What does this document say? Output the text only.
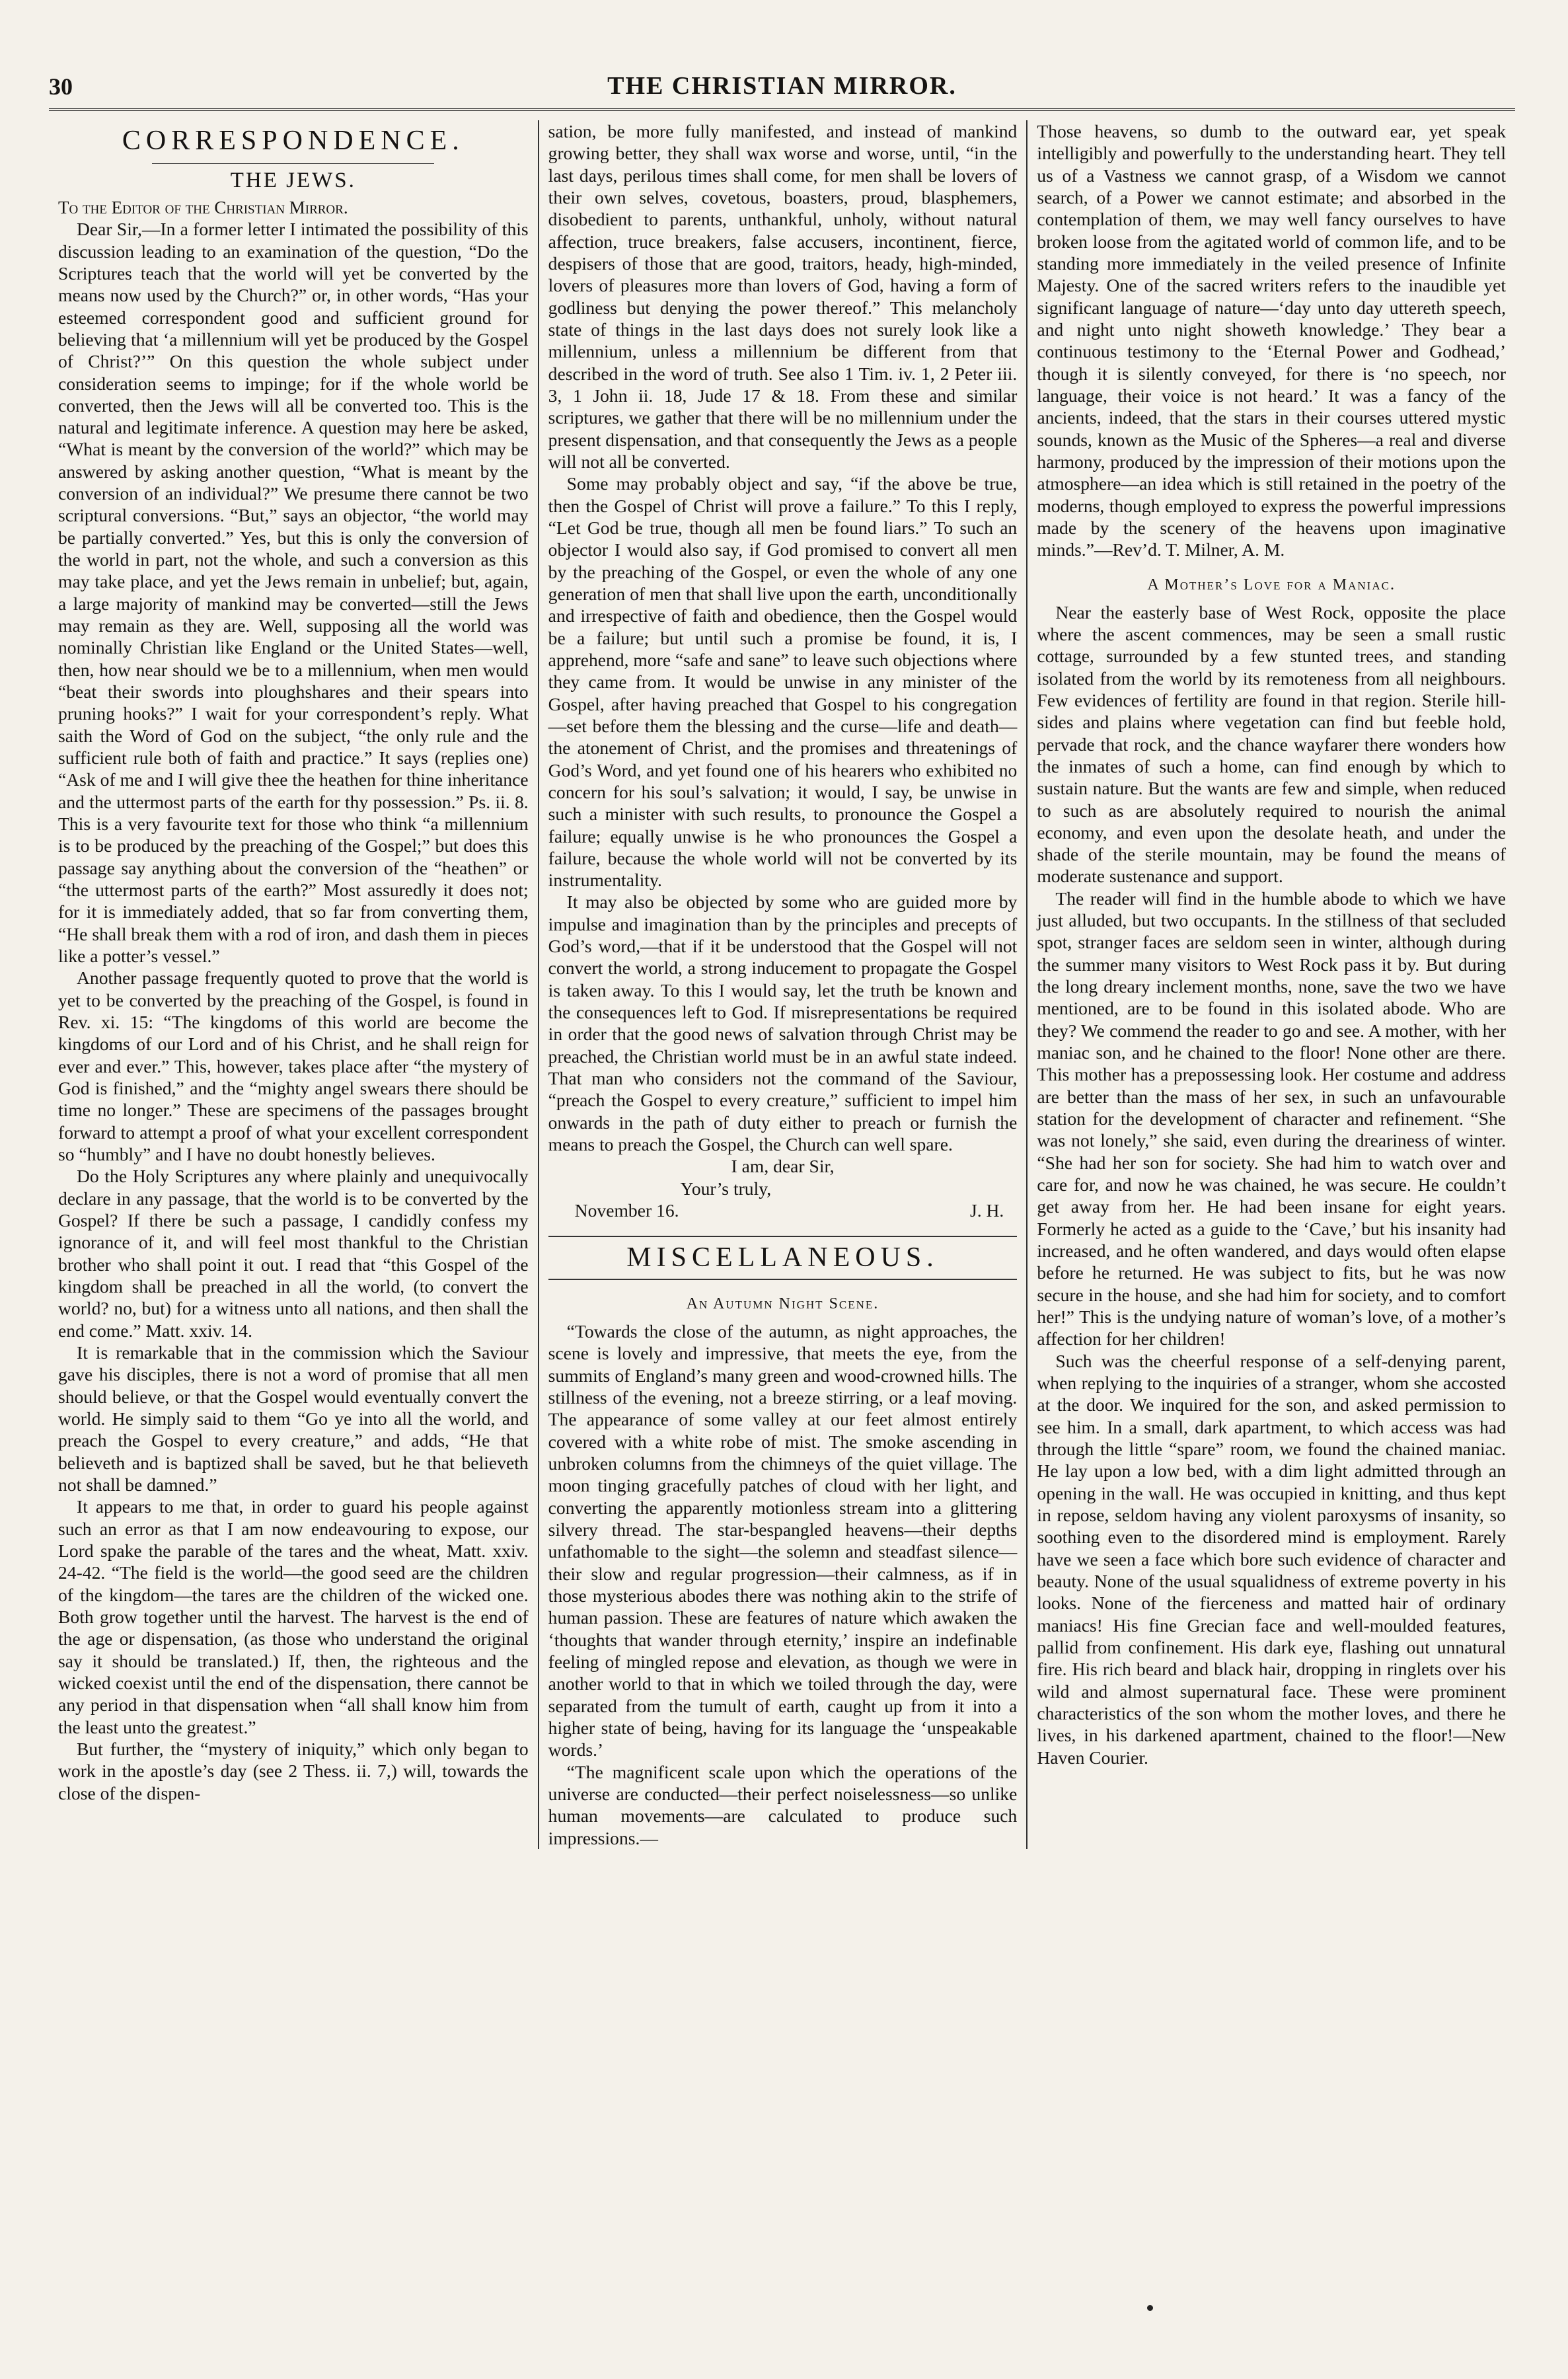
30	THE CHRISTIAN MIRROR.
CORRESPONDENCE.
THE JEWS.

To the Editor of the Christian Mirror.

Dear Sir,—In a former letter I intimated the possibility of this discussion leading to an examination of the question, “Do the Scriptures teach that the world will yet be converted by the means now used by the Church?” or, in other words, “Has your esteemed correspondent good and sufficient ground for believing that ‘a millennium will yet be produced by the Gospel of Christ?’” On this question the whole subject under consideration seems to impinge; for if the whole world be converted, then the Jews will all be converted too. This is the natural and legitimate inference. A question may here be asked, “What is meant by the conversion of the world?” which may be answered by asking another question, “What is meant by the conversion of an individual?” We presume there cannot be two scriptural conversions. “But,” says an objector, “the world may be partially converted.” Yes, but this is only the conversion of the world in part, not the whole, and such a conversion as this may take place, and yet the Jews remain in unbelief; but, again, a large majority of mankind may be converted—still the Jews may remain as they are. Well, supposing all the world was nominally Christian like England or the United States—well, then, how near should we be to a millennium, when men would “beat their swords into ploughshares and their spears into pruning hooks?” I wait for your correspondent’s reply. What saith the Word of God on the subject, “the only rule and the sufficient rule both of faith and practice.” It says (replies one) “Ask of me and I will give thee the heathen for thine inheritance and the uttermost parts of the earth for thy possession.” Ps. ii. 8. This is a very favourite text for those who think “a millennium is to be produced by the preaching of the Gospel;” but does this passage say anything about the conversion of the “heathen” or “the uttermost parts of the earth?” Most assuredly it does not; for it is immediately added, that so far from converting them, “He shall break them with a rod of iron, and dash them in pieces like a potter’s vessel.”

Another passage frequently quoted to prove that the world is yet to be converted by the preaching of the Gospel, is found in Rev. xi. 15: “The kingdoms of this world are become the kingdoms of our Lord and of his Christ, and he shall reign for ever and ever.” This, however, takes place after “the mystery of God is finished,” and the “mighty angel swears there should be time no longer.” These are specimens of the passages brought forward to attempt a proof of what your excellent correspondent so “humbly” and I have no doubt honestly believes.

Do the Holy Scriptures any where plainly and unequivocally declare in any passage, that the world is to be converted by the Gospel? If there be such a passage, I candidly confess my ignorance of it, and will feel most thankful to the Christian brother who shall point it out. I read that “this Gospel of the kingdom shall be preached in all the world, (to convert the world? no, but) for a witness unto all nations, and then shall the end come.” Matt. xxiv. 14.

It is remarkable that in the commission which the Saviour gave his disciples, there is not a word of promise that all men should believe, or that the Gospel would eventually convert the world. He simply said to them “Go ye into all the world, and preach the Gospel to every creature,” and adds, “He that believeth and is baptized shall be saved, but he that believeth not shall be damned.”

It appears to me that, in order to guard his people against such an error as that I am now endeavouring to expose, our Lord spake the parable of the tares and the wheat, Matt. xxiv. 24-42. “The field is the world—the good seed are the children of the kingdom—the tares are the children of the wicked one. Both grow together until the harvest. The harvest is the end of the age or dispensation, (as those who understand the original say it should be translated.) If, then, the righteous and the wicked coexist until the end of the dispensation, there cannot be any period in that dispensation when “all shall know him from the least unto the greatest.”

But further, the “mystery of iniquity,” which only began to work in the apostle’s day (see 2 Thess. ii. 7,) will, towards the close of the dispen-

sation, be more fully manifested, and instead of mankind growing better, they shall wax worse and worse, until, “in the last days, perilous times shall come, for men shall be lovers of their own selves, covetous, boasters, proud, blasphemers, disobedient to parents, unthankful, unholy, without natural affection, truce breakers, false accusers, incontinent, fierce, despisers of those that are good, traitors, heady, high-minded, lovers of pleasures more than lovers of God, having a form of godliness but denying the power thereof.” This melancholy state of things in the last days does not surely look like a millennium, unless a millennium be different from that described in the word of truth. See also 1 Tim. iv. 1, 2 Peter iii. 3, 1 John ii. 18, Jude 17 & 18. From these and similar scriptures, we gather that there will be no millennium under the present dispensation, and that consequently the Jews as a people will not all be converted.

Some may probably object and say, “if the above be true, then the Gospel of Christ will prove a failure.” To this I reply, “Let God be true, though all men be found liars.” To such an objector I would also say, if God promised to convert all men by the preaching of the Gospel, or even the whole of any one generation of men that shall live upon the earth, unconditionally and irrespective of faith and obedience, then the Gospel would be a failure; but until such a promise be found, it is, I apprehend, more “safe and sane” to leave such objections where they came from. It would be unwise in any minister of the Gospel, after having preached that Gospel to his congregation—set before them the blessing and the curse—life and death—the atonement of Christ, and the promises and threatenings of God’s Word, and yet found one of his hearers who exhibited no concern for his soul’s salvation; it would, I say, be unwise in such a minister with such results, to pronounce the Gospel a failure; equally unwise is he who pronounces the Gospel a failure, because the whole world will not be converted by its instrumentality.

It may also be objected by some who are guided more by impulse and imagination than by the principles and precepts of God’s word,—that if it be understood that the Gospel will not convert the world, a strong inducement to propagate the Gospel is taken away. To this I would say, let the truth be known and the consequences left to God. If misrepresentations be required in order that the good news of salvation through Christ may be preached, the Christian world must be in an awful state indeed. That man who considers not the command of the Saviour, “preach the Gospel to every creature,” sufficient to impel him onwards in the path of duty either to preach or furnish the means to preach the Gospel, the Church can well spare.

I am, dear Sir,

Your’s truly,

November 16.	J. H.
MISCELLANEOUS.
An Autumn Night Scene.

“Towards the close of the autumn, as night approaches, the scene is lovely and impressive, that meets the eye, from the summits of England’s many green and wood-crowned hills. The stillness of the evening, not a breeze stirring, or a leaf moving. The appearance of some valley at our feet almost entirely covered with a white robe of mist. The smoke ascending in unbroken columns from the chimneys of the quiet village. The moon tinging gracefully patches of cloud with her light, and converting the apparently motionless stream into a glittering silvery thread. The star-bespangled heavens—their depths unfathomable to the sight—the solemn and steadfast silence—their slow and regular progression—their calmness, as if in those mysterious abodes there was nothing akin to the strife of human passion. These are features of nature which awaken the ‘thoughts that wander through eternity,’ inspire an indefinable feeling of mingled repose and elevation, as though we were in another world to that in which we toiled through the day, were separated from the tumult of earth, caught up from it into a higher state of being, having for its language the ‘unspeakable words.’

“The magnificent scale upon which the operations of the universe are conducted—their perfect noiselessness—so unlike human movements—are calculated to produce such impressions.—

Those heavens, so dumb to the outward ear, yet speak intelligibly and powerfully to the understanding heart. They tell us of a Vastness we cannot grasp, of a Wisdom we cannot search, of a Power we cannot estimate; and absorbed in the contemplation of them, we may well fancy ourselves to have broken loose from the agitated world of common life, and to be standing more immediately in the veiled presence of Infinite Majesty. One of the sacred writers refers to the inaudible yet significant language of nature—‘day unto day uttereth speech, and night unto night showeth knowledge.’ They bear a continuous testimony to the ‘Eternal Power and Godhead,’ though it is silently conveyed, for there is ‘no speech, nor language, their voice is not heard.’ It was a fancy of the ancients, indeed, that the stars in their courses uttered mystic sounds, known as the Music of the Spheres—a real and diverse harmony, produced by the impression of their motions upon the atmosphere—an idea which is still retained in the poetry of the moderns, though employed to express the powerful impressions made by the scenery of the heavens upon imaginative minds.”—Rev’d. T. Milner, A. M.

A Mother’s Love for a Maniac.

Near the easterly base of West Rock, opposite the place where the ascent commences, may be seen a small rustic cottage, surrounded by a few stunted trees, and standing isolated from the world by its remoteness from all neighbours. Few evidences of fertility are found in that region. Sterile hill-sides and plains where vegetation can find but feeble hold, pervade that rock, and the chance wayfarer there wonders how the inmates of such a home, can find enough by which to sustain nature. But the wants are few and simple, when reduced to such as are absolutely required to nourish the animal economy, and even upon the desolate heath, and under the shade of the sterile mountain, may be found the means of moderate sustenance and support.

The reader will find in the humble abode to which we have just alluded, but two occupants. In the stillness of that secluded spot, stranger faces are seldom seen in winter, although during the summer many visitors to West Rock pass it by. But during the long dreary inclement months, none, save the two we have mentioned, are to be found in this isolated abode. Who are they? We commend the reader to go and see. A mother, with her maniac son, and he chained to the floor! None other are there. This mother has a prepossessing look. Her costume and address are better than the mass of her sex, in such an unfavourable station for the development of character and refinement. “She was not lonely,” she said, even during the dreariness of winter. “She had her son for society. She had him to watch over and care for, and now he was chained, he was secure. He couldn’t get away from her. He had been insane for eight years. Formerly he acted as a guide to the ‘Cave,’ but his insanity had increased, and he often wandered, and days would often elapse before he returned. He was subject to fits, but he was now secure in the house, and she had him for society, and to comfort her!” This is the undying nature of woman’s love, of a mother’s affection for her children!

Such was the cheerful response of a self-denying parent, when replying to the inquiries of a stranger, whom she accosted at the door. We inquired for the son, and asked permission to see him. In a small, dark apartment, to which access was had through the little “spare” room, we found the chained maniac. He lay upon a low bed, with a dim light admitted through an opening in the wall. He was occupied in knitting, and thus kept in repose, seldom having any violent paroxysms of insanity, so soothing even to the disordered mind is employment. Rarely have we seen a face which bore such evidence of character and beauty. None of the usual squalidness of extreme poverty in his looks. None of the fierceness and matted hair of ordinary maniacs! His fine Grecian face and well-moulded features, pallid from confinement. His dark eye, flashing out unnatural fire. His rich beard and black hair, dropping in ringlets over his wild and almost supernatural face. These were prominent characteristics of the son whom the mother loves, and there he lives, in his darkened apartment, chained to the floor!—New Haven Courier.
